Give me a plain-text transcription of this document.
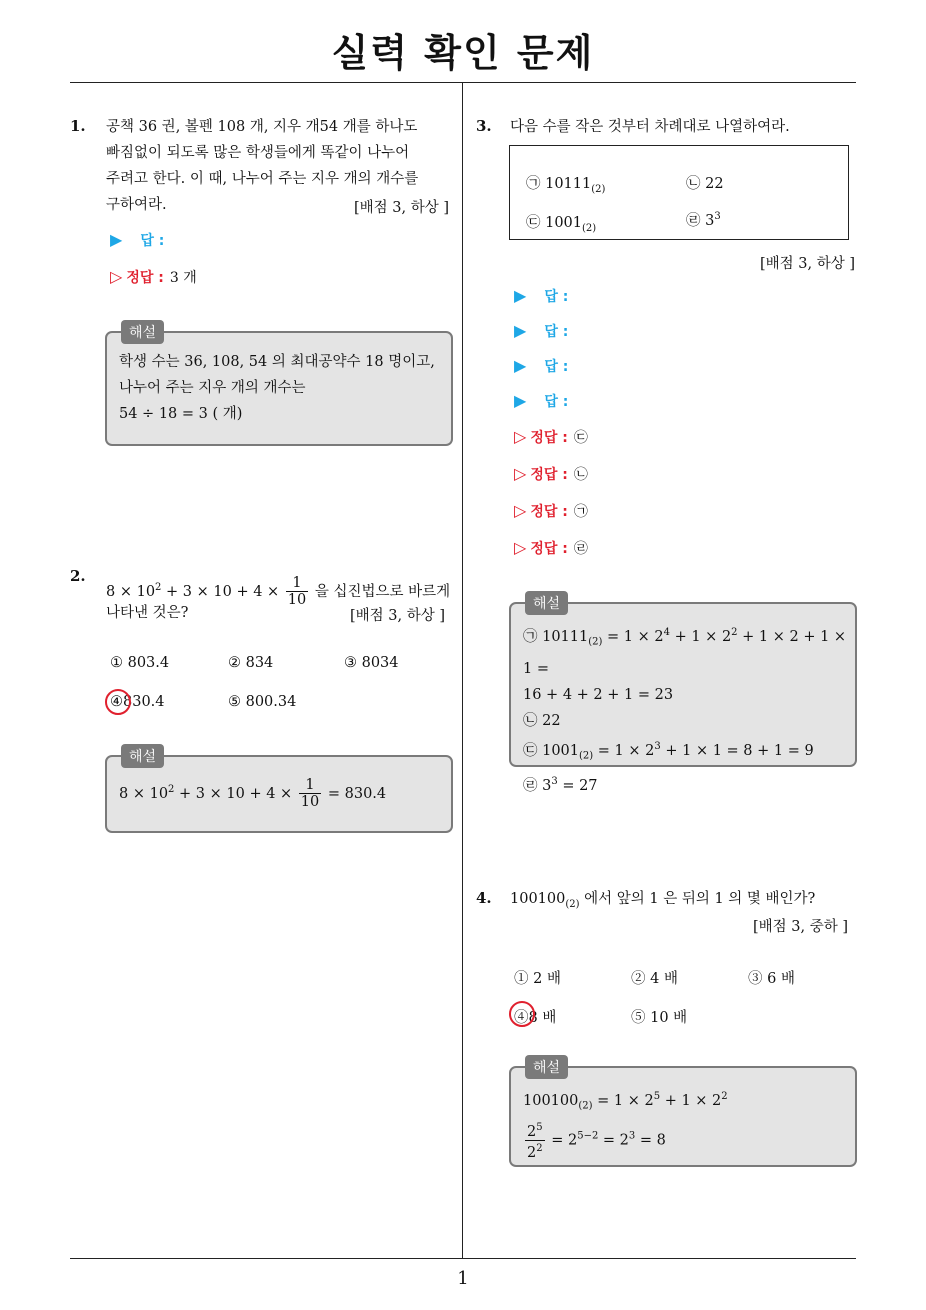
실력 확인 문제
1
1. 공책 36 권, 볼펜 108 개, 지우 개54 개를 하나도
빠짐없이 되도록 많은 학생들에게 똑같이 나누어
주려고 한다. 이 때, 나누어 주는 지우 개의 개수를
구하여라.	[배점 3, 하상 ]
▶ 답 :
▷ 정답 : 3 개
해설
학생 수는 36, 108, 54 의 최대공약수 18 명이고,
나누어 주는 지우 개의 개수는
54 ÷ 18 = 3 ( 개)
2.
$8 \times 10^2 + 3 \times 10 + 4 \times \frac{1}{10}$ 을 십진법으로 바르게
나타낸 것은?	[배점 3, 하상 ]
① 803.4	② 834	③ 8034
④830.4	⑤ 800.34
해설
$8 \times 10^2 + 3 \times 10 + 4 \times \frac{1}{10} = 830.4$
3. 다음 수를 작은 것부터 차례대로 나열하여라.
㉠ $10111_{(2)}$	㉡ 22
㉢ $1001_{(2)}$	㉣ $3^3$
[배점 3, 하상 ]
▶ 답 :
▶ 답 :
▶ 답 :
▶ 답 :
▷ 정답 : ㉢
▷ 정답 : ㉡
▷ 정답 : ㉠
▷ 정답 : ㉣
해설
㉠ $10111_{(2)} = 1 \times 2^4 + 1 \times 2^2 + 1 \times 2 + 1 \times 1$ =
16 + 4 + 2 + 1 = 23
㉡ 22
㉢ $1001_{(2)} = 1 \times 2^3 + 1 \times 1 = 8 + 1 = 9$
㉣ $3^3 = 27$
4. $100100_{(2)}$ 에서 앞의 1 은 뒤의 1 의 몇 배인가?
[배점 3, 중하 ]
① 2 배	② 4 배	③ 6 배
④8 배	⑤ 10 배
해설
$100100_{(2)} = 1 \times 2^5 + 1 \times 2^2$
$\frac{2^5}{2^2} = 2^{5-2} = 2^3 = 8$
